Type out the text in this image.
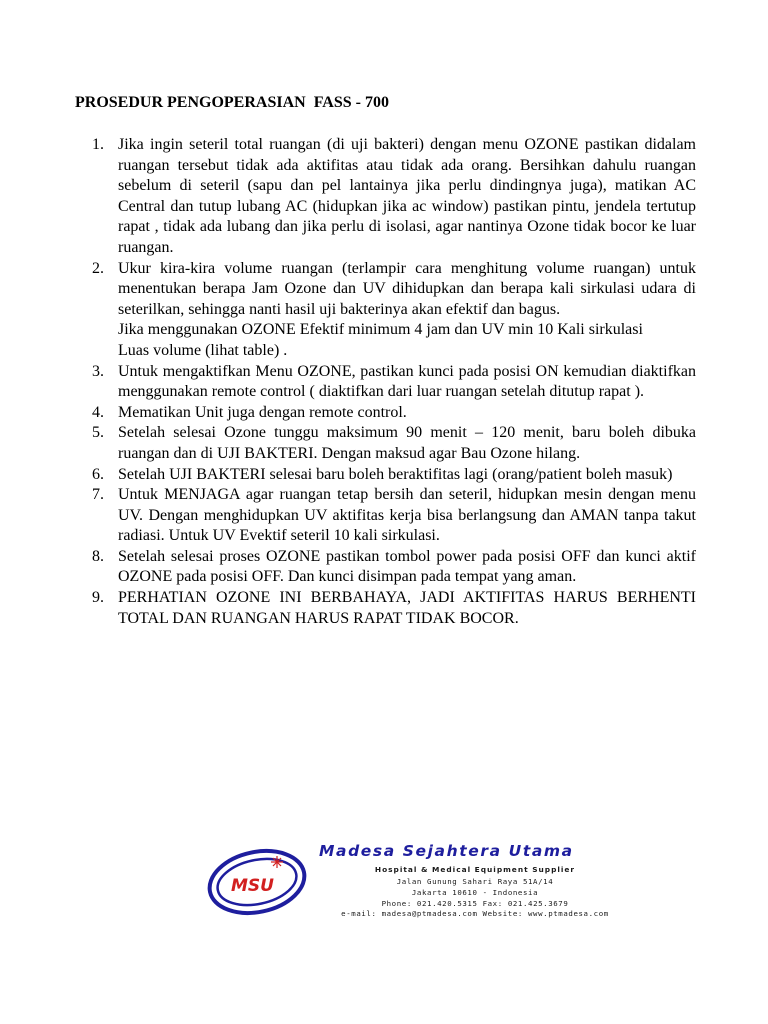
PROSEDUR PENGOPERASIAN  FASS - 700
1. Jika ingin seteril total ruangan (di uji bakteri) dengan menu OZONE pastikan didalam ruangan tersebut tidak ada aktifitas atau tidak ada orang. Bersihkan dahulu ruangan sebelum di seteril (sapu dan pel lantainya jika perlu dindingnya juga), matikan AC Central dan tutup lubang AC (hidupkan jika ac window) pastikan pintu, jendela tertutup rapat , tidak ada lubang dan jika perlu di isolasi, agar nantinya Ozone tidak bocor ke luar ruangan.
2. Ukur kira-kira volume ruangan (terlampir cara menghitung volume ruangan) untuk menentukan berapa Jam Ozone dan UV dihidupkan dan berapa kali sirkulasi udara di seterilkan, sehingga nanti hasil uji bakterinya akan efektif dan bagus.
Jika menggunakan OZONE Efektif minimum 4 jam dan UV min 10 Kali sirkulasi
Luas volume (lihat table) .
3. Untuk mengaktifkan Menu OZONE, pastikan kunci pada posisi ON kemudian diaktifkan menggunakan remote control ( diaktifkan dari luar ruangan setelah ditutup rapat ).
4. Mematikan Unit juga dengan remote control.
5. Setelah selesai Ozone tunggu maksimum 90 menit – 120 menit, baru boleh dibuka ruangan dan di UJI BAKTERI. Dengan maksud agar Bau Ozone hilang.
6. Setelah UJI BAKTERI selesai baru boleh beraktifitas lagi (orang/patient boleh masuk)
7. Untuk MENJAGA agar ruangan tetap bersih dan seteril, hidupkan mesin dengan menu UV. Dengan menghidupkan UV aktifitas kerja bisa berlangsung dan AMAN tanpa takut radiasi. Untuk UV Evektif seteril 10 kali sirkulasi.
8. Setelah selesai proses OZONE pastikan tombol power pada posisi OFF dan kunci aktif OZONE pada posisi OFF. Dan kunci disimpan pada tempat yang aman.
9. PERHATIAN OZONE INI BERBAHAYA, JADI AKTIFITAS HARUS BERHENTI TOTAL DAN RUANGAN HARUS RAPAT TIDAK BOCOR.
MSU
Madesa Sejahtera Utama
Hospital & Medical Equipment Supplier
Jalan Gunung Sahari Raya 51A/14
Jakarta 10610 - Indonesia
Phone: 021.420.5315 Fax: 021.425.3679
e-mail: madesa@ptmadesa.com Website: www.ptmadesa.com
